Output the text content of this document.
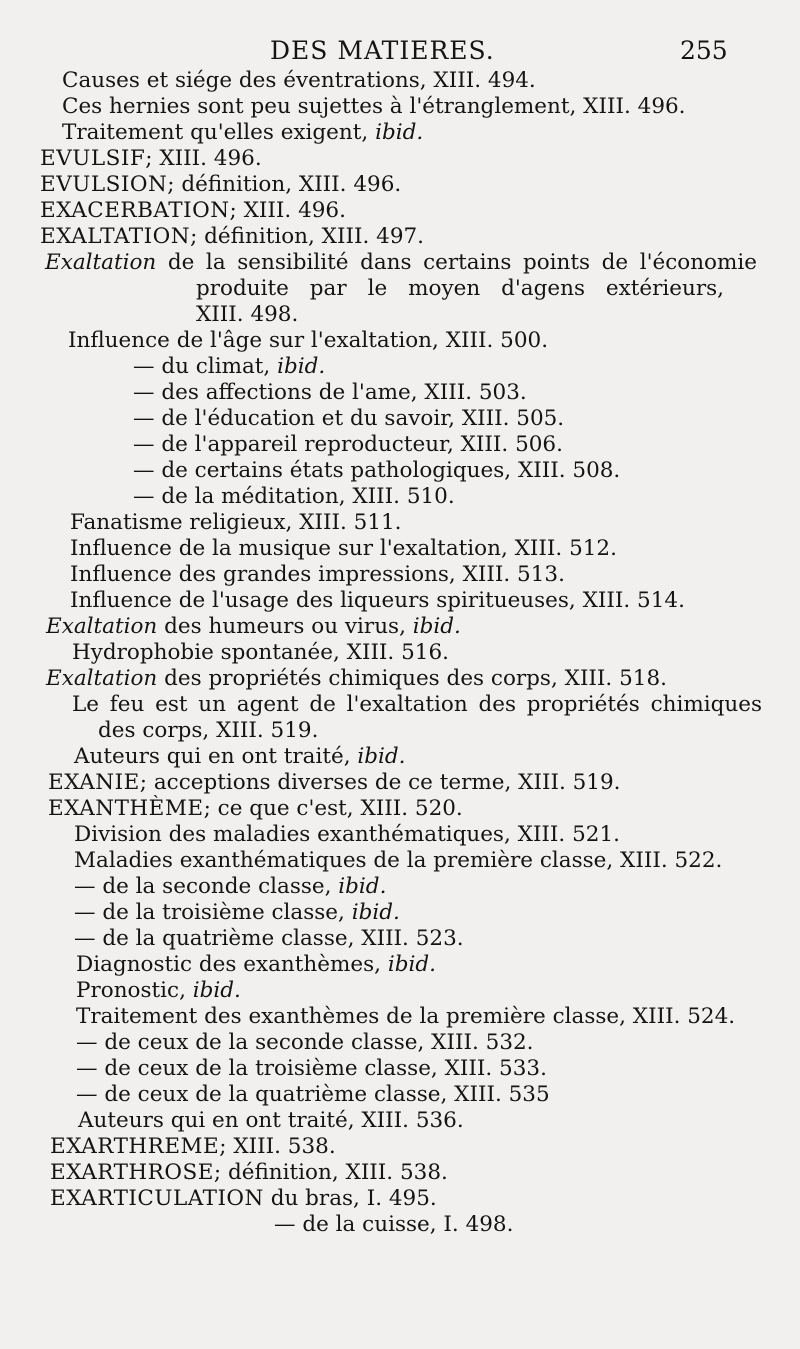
DES MATIERES.	255
Causes et siége des éventrations, XIII. 494.
Ces hernies sont peu sujettes à l'étranglement, XIII. 496.
Traitement qu'elles exigent, ibid.
EVULSIF; XIII. 496.
EVULSION; définition, XIII. 496.
EXACERBATION; XIII. 496.
EXALTATION; définition, XIII. 497.
Exaltation de la sensibilité dans certains points de l'économie
produite par le moyen d'agens extérieurs,
XIII. 498.
Influence de l'âge sur l'exaltation, XIII. 500.
— du climat, ibid.
— des affections de l'ame, XIII. 503.
— de l'éducation et du savoir, XIII. 505.
— de l'appareil reproducteur, XIII. 506.
— de certains états pathologiques, XIII. 508.
— de la méditation, XIII. 510.
Fanatisme religieux, XIII. 511.
Influence de la musique sur l'exaltation, XIII. 512.
Influence des grandes impressions, XIII. 513.
Influence de l'usage des liqueurs spiritueuses, XIII. 514.
Exaltation des humeurs ou virus, ibid.
Hydrophobie spontanée, XIII. 516.
Exaltation des propriétés chimiques des corps, XIII. 518.
Le feu est un agent de l'exaltation des propriétés chimiques
des corps, XIII. 519.
Auteurs qui en ont traité, ibid.
EXANIE; acceptions diverses de ce terme, XIII. 519.
EXANTHÈME; ce que c'est, XIII. 520.
Division des maladies exanthématiques, XIII. 521.
Maladies exanthématiques de la première classe, XIII. 522.
— de la seconde classe, ibid.
— de la troisième classe, ibid.
— de la quatrième classe, XIII. 523.
Diagnostic des exanthèmes, ibid.
Pronostic, ibid.
Traitement des exanthèmes de la première classe, XIII. 524.
— de ceux de la seconde classe, XIII. 532.
— de ceux de la troisième classe, XIII. 533.
— de ceux de la quatrième classe, XIII. 535
Auteurs qui en ont traité, XIII. 536.
EXARTHREME; XIII. 538.
EXARTHROSE; définition, XIII. 538.
EXARTICULATION du bras, I. 495.
— de la cuisse, I. 498.
